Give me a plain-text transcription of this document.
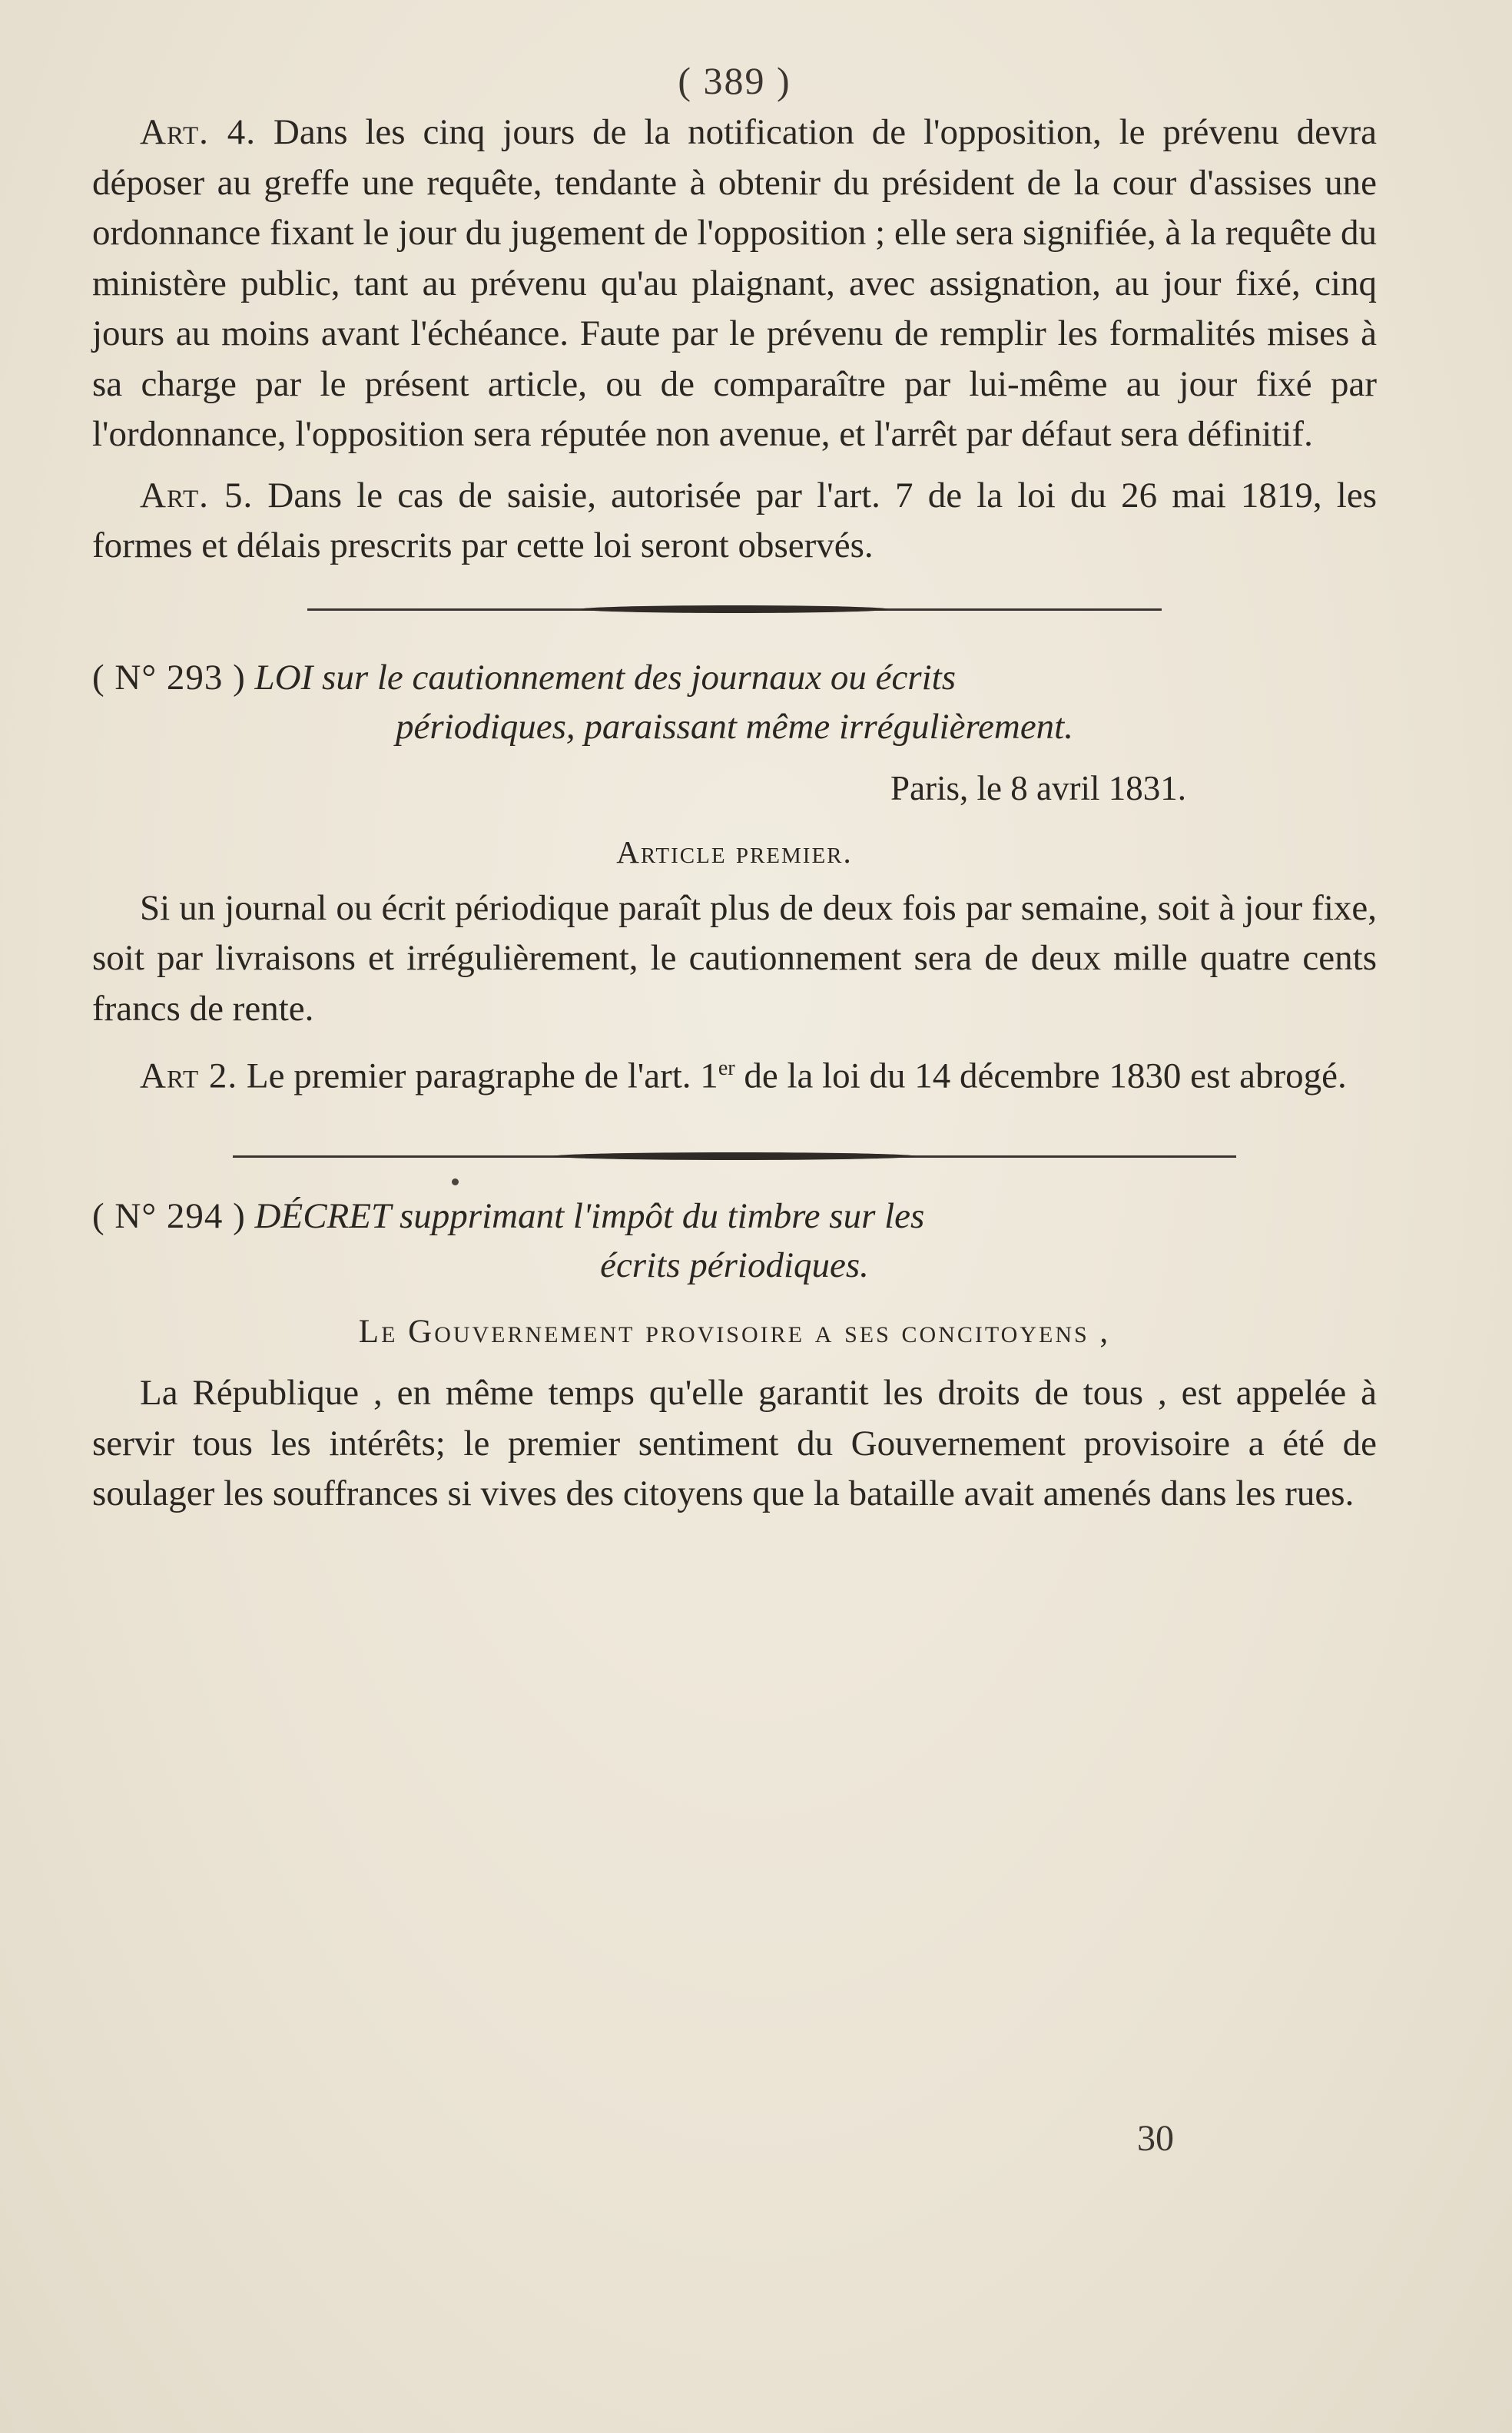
( 389 )

Art. 4. Dans les cinq jours de la notification de l'opposition, le prévenu devra déposer au greffe une requête, tendante à obtenir du président de la cour d'assises une ordonnance fixant le jour du jugement de l'opposition ; elle sera signifiée, à la requête du ministère public, tant au prévenu qu'au plaignant, avec assignation, au jour fixé, cinq jours au moins avant l'échéance. Faute par le prévenu de remplir les formalités mises à sa charge par le présent article, ou de comparaître par lui-même au jour fixé par l'ordonnance, l'opposition sera réputée non avenue, et l'arrêt par défaut sera définitif.

Art. 5. Dans le cas de saisie, autorisée par l'art. 7 de la loi du 26 mai 1819, les formes et délais prescrits par cette loi seront observés.

( N° 293 ) LOI sur le cautionnement des journaux ou écrits
périodiques, paraissant même irrégulièrement.

Paris, le 8 avril 1831.
Article premier.

Si un journal ou écrit périodique paraît plus de deux fois par semaine, soit à jour fixe, soit par livraisons et irrégulièrement, le cautionnement sera de deux mille quatre cents francs de rente.

Art 2. Le premier paragraphe de l'art. 1er de la loi du 14 décembre 1830 est abrogé.

( N° 294 ) DÉCRET supprimant l'impôt du timbre sur les
écrits périodiques.

Le Gouvernement provisoire a ses concitoyens ,

La République , en même temps qu'elle garantit les droits de tous , est appelée à servir tous les intérêts; le premier sentiment du Gouvernement provisoire a été de soulager les souffrances si vives des citoyens que la bataille avait amenés dans les rues.

30
